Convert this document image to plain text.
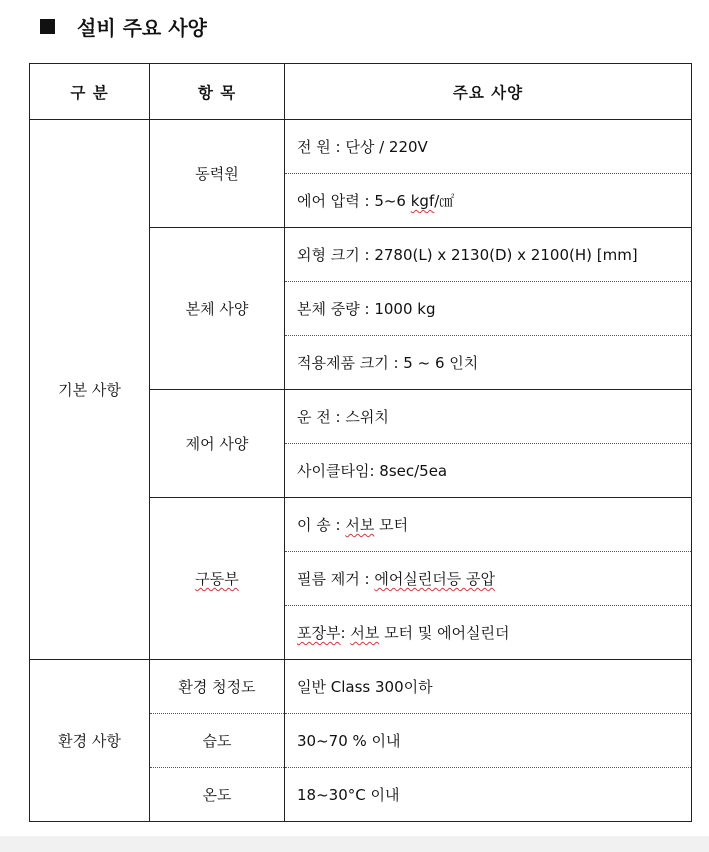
설비 주요 사양
구 분	항 목	주요 사양
기본 사항	동력원	전 원 : 단상 / 220V
		에어 압력 : 5~6 kgf/㎠
	본체 사양	외형 크기 : 2780(L) x 2130(D) x 2100(H) [mm]
		본체 중량 : 1000 kg
		적용제품 크기 : 5 ~ 6 인치
	제어 사양	운 전 : 스위치
		사이클타임: 8sec/5ea
	구동부	이 송 : 서보 모터
		필름 제거 : 에어실린더등 공압
		포장부: 서보 모터 및 에어실린더
환경 사항	환경 청정도	일반 Class 300이하
	습도	30~70 % 이내
	온도	18~30°C 이내
